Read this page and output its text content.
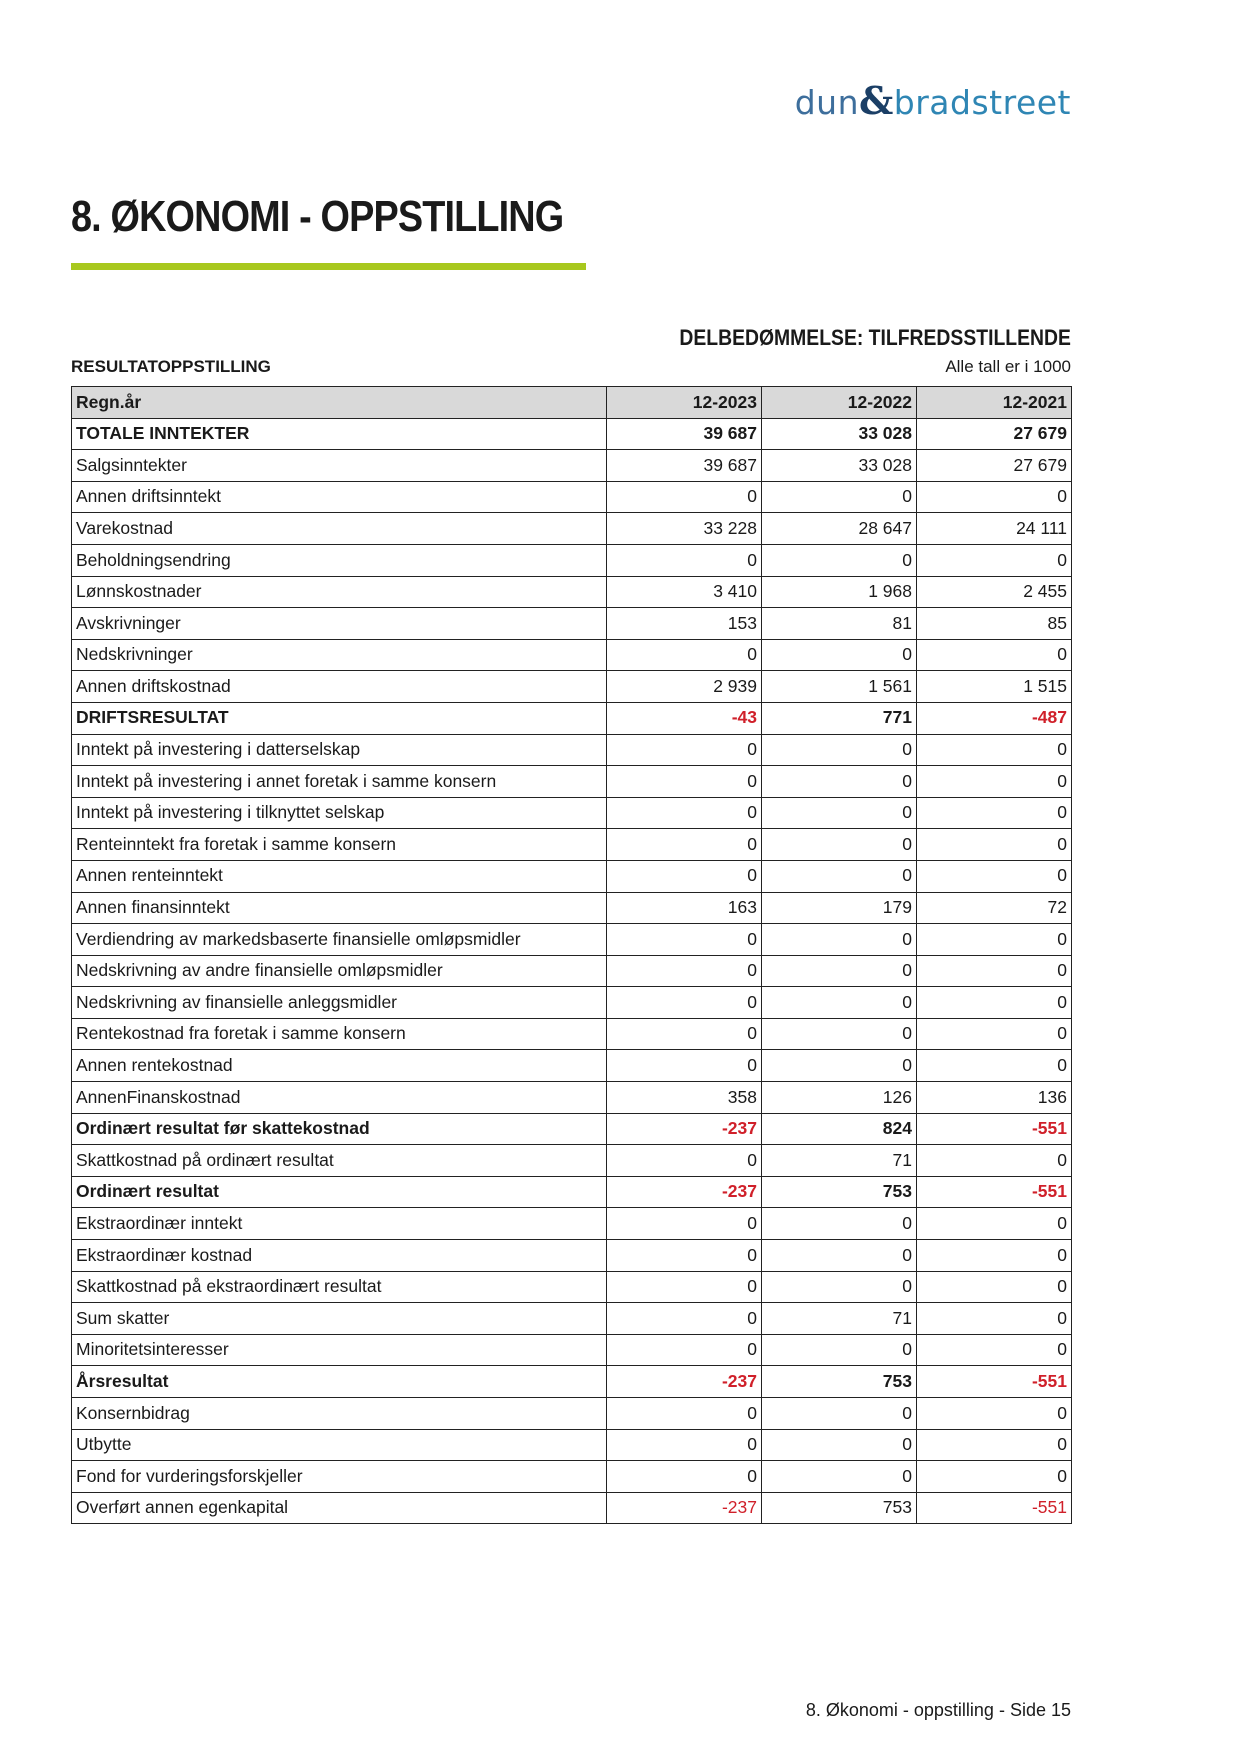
dun&bradstreet
8. ØKONOMI - OPPSTILLING
DELBEDØMMELSE: TILFREDSSTILLENDE
RESULTATOPPSTILLING	Alle tall er i 1000
Regn.år	12-2023	12-2022	12-2021
TOTALE INNTEKTER	39 687	33 028	27 679
Salgsinntekter	39 687	33 028	27 679
Annen driftsinntekt	0	0	0
Varekostnad	33 228	28 647	24 111
Beholdningsendring	0	0	0
Lønnskostnader	3 410	1 968	2 455
Avskrivninger	153	81	85
Nedskrivninger	0	0	0
Annen driftskostnad	2 939	1 561	1 515
DRIFTSRESULTAT	-43	771	-487
Inntekt på investering i datterselskap	0	0	0
Inntekt på investering i annet foretak i samme konsern	0	0	0
Inntekt på investering i tilknyttet selskap	0	0	0
Renteinntekt fra foretak i samme konsern	0	0	0
Annen renteinntekt	0	0	0
Annen finansinntekt	163	179	72
Verdiendring av markedsbaserte finansielle omløpsmidler	0	0	0
Nedskrivning av andre finansielle omløpsmidler	0	0	0
Nedskrivning av finansielle anleggsmidler	0	0	0
Rentekostnad fra foretak i samme konsern	0	0	0
Annen rentekostnad	0	0	0
AnnenFinanskostnad	358	126	136
Ordinært resultat før skattekostnad	-237	824	-551
Skattkostnad på ordinært resultat	0	71	0
Ordinært resultat	-237	753	-551
Ekstraordinær inntekt	0	0	0
Ekstraordinær kostnad	0	0	0
Skattkostnad på ekstraordinært resultat	0	0	0
Sum skatter	0	71	0
Minoritetsinteresser	0	0	0
Årsresultat	-237	753	-551
Konsernbidrag	0	0	0
Utbytte	0	0	0
Fond for vurderingsforskjeller	0	0	0
Overført annen egenkapital	-237	753	-551
8. Økonomi - oppstilling - Side 15
